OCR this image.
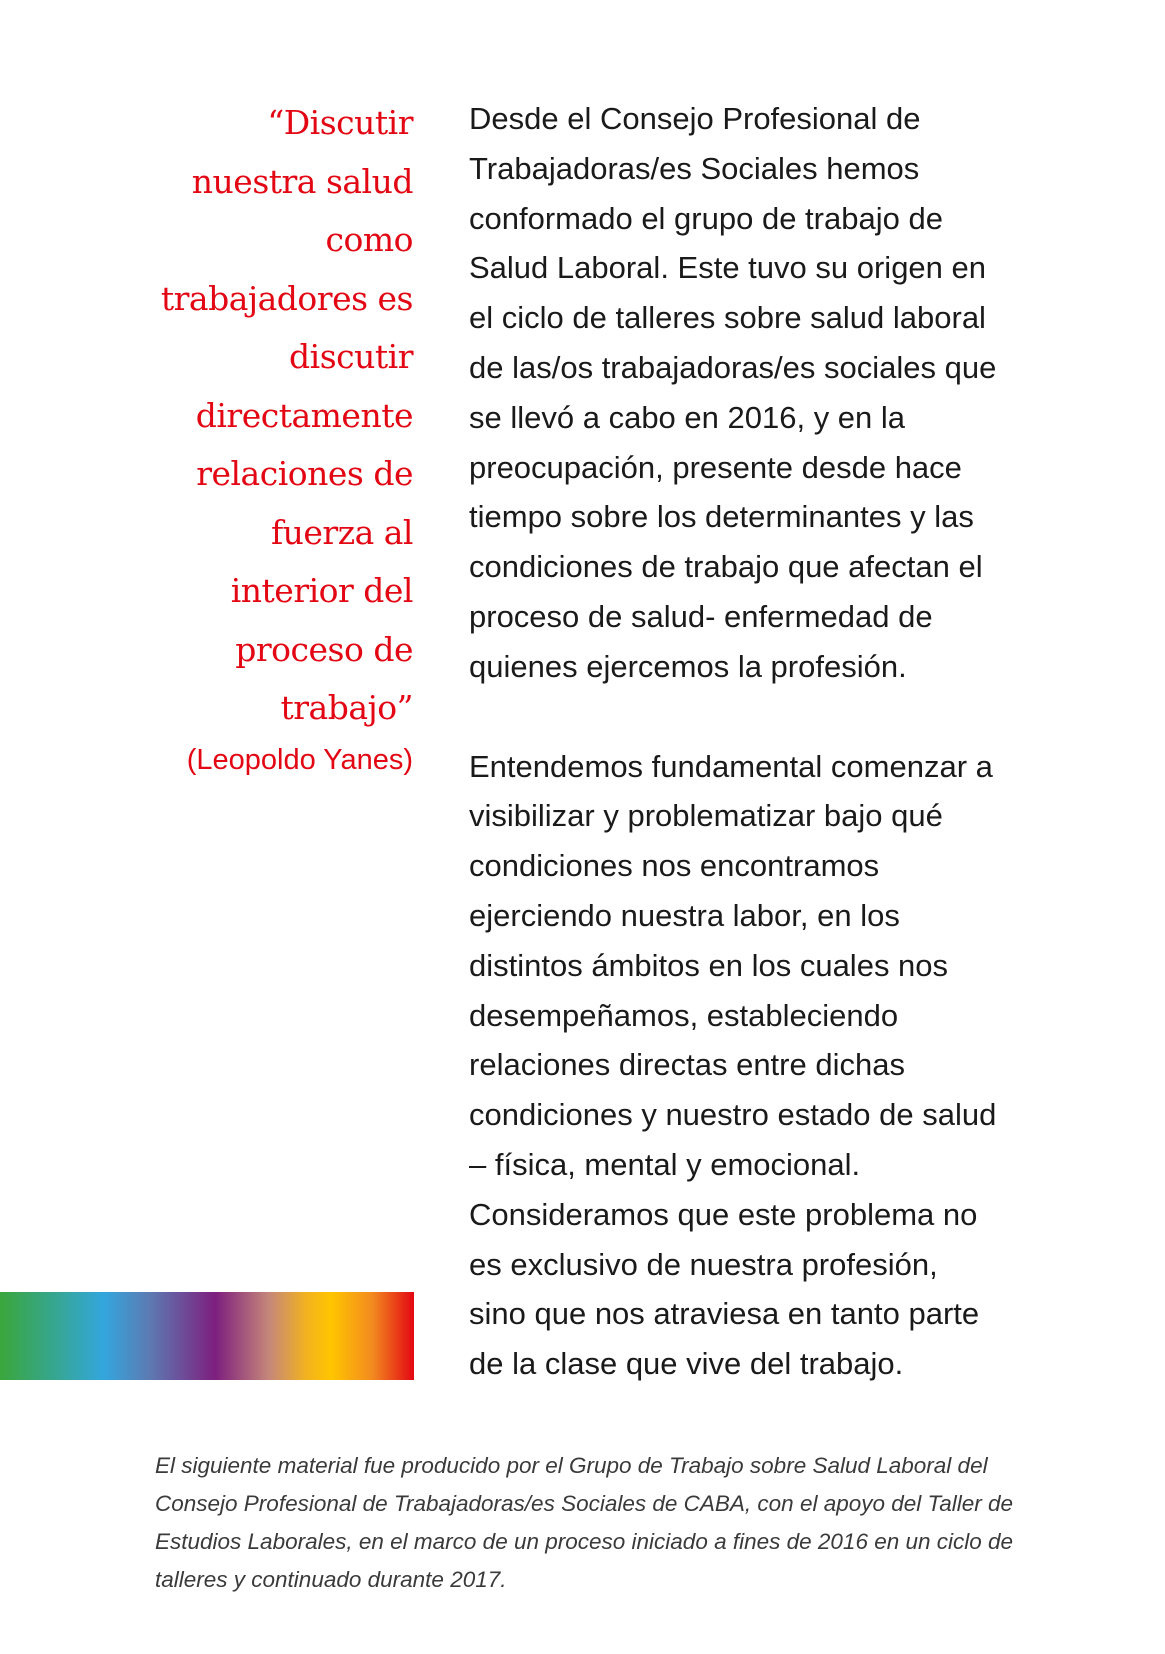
“Discutir
nuestra salud
como
trabajadores es
discutir
directamente
relaciones de
fuerza al
interior del
proceso de
trabajo”
(Leopoldo Yanes)

Desde el Consejo Profesional de
Trabajadoras/es Sociales hemos
conformado el grupo de trabajo de
Salud Laboral. Este tuvo su origen en
el ciclo de talleres sobre salud laboral
de las/os trabajadoras/es sociales que
se llevó a cabo en 2016, y en la
preocupación, presente desde hace
tiempo sobre los determinantes y las
condiciones de trabajo que afectan el
proceso de salud- enfermedad de
quienes ejercemos la profesión.

Entendemos fundamental comenzar a
visibilizar y problematizar bajo qué
condiciones nos encontramos
ejerciendo nuestra labor, en los
distintos ámbitos en los cuales nos
desempeñamos, estableciendo
relaciones directas entre dichas
condiciones y nuestro estado de salud
– física, mental y emocional.
Consideramos que este problema no
es exclusivo de nuestra profesión,
sino que nos atraviesa en tanto parte
de la clase que vive del trabajo.

El siguiente material fue producido por el Grupo de Trabajo sobre Salud Laboral del
Consejo Profesional de Trabajadoras/es Sociales de CABA, con el apoyo del Taller de
Estudios Laborales, en el marco de un proceso iniciado a fines de 2016 en un ciclo de
talleres y continuado durante 2017.
